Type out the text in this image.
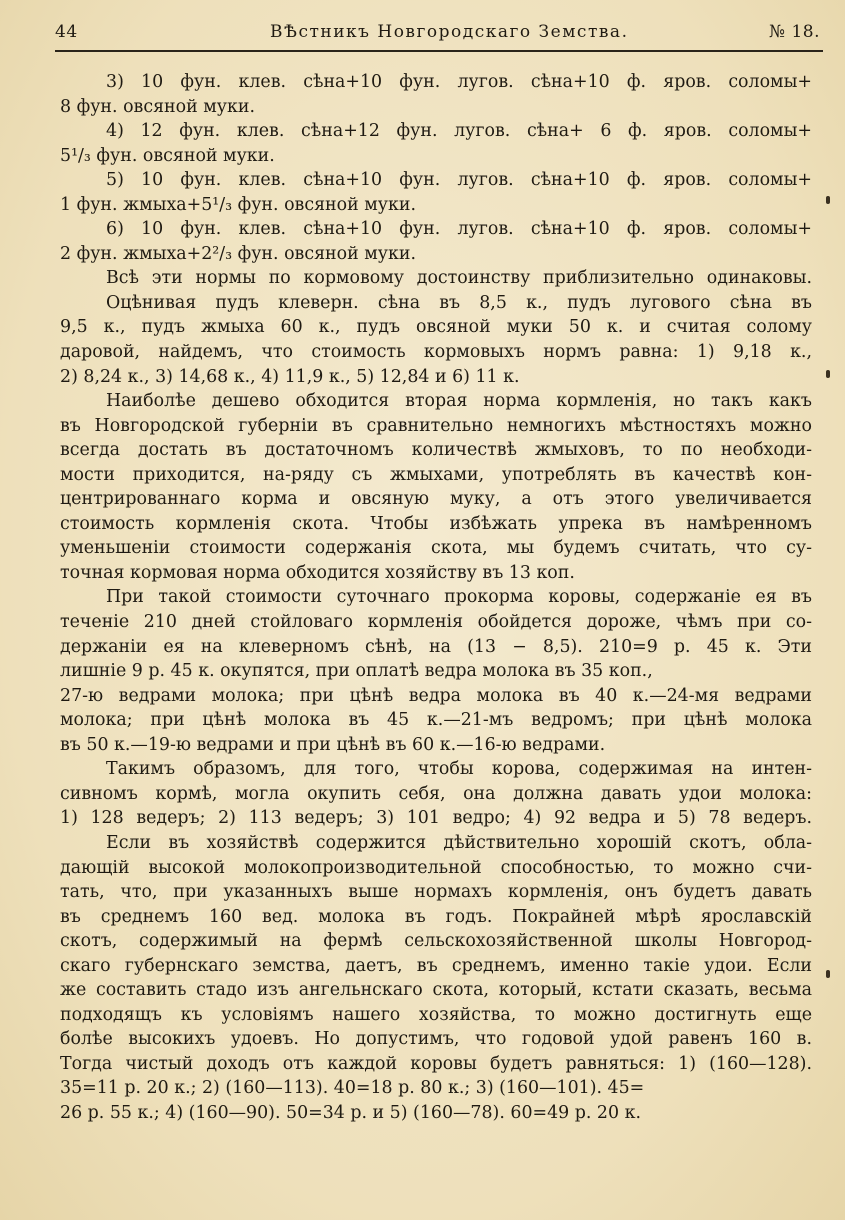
44	ВѢстникъ Новгородскаго Земства.	№ 18.
3) 10 фун. клев. сѣна+10 фун. лугов. сѣна+10 ф. яров. соломы+
8 фун. овсяной муки.
4) 12 фун. клев. сѣна+12 фун. лугов. сѣна+ 6 ф. яров. соломы+
5¹/₃ фун. овсяной муки.
5) 10 фун. клев. сѣна+10 фун. лугов. сѣна+10 ф. яров. соломы+
1 фун. жмыха+5¹/₃ фун. овсяной муки.
6) 10 фун. клев. сѣна+10 фун. лугов. сѣна+10 ф. яров. соломы+
2 фун. жмыха+2²/₃ фун. овсяной муки.
Всѣ эти нормы по кормовому достоинству приблизительно одинаковы.
Оцѣнивая пудъ клеверн. сѣна въ 8,5 к., пудъ лугового сѣна въ
9,5 к., пудъ жмыха 60 к., пудъ овсяной муки 50 к. и считая солому
даровой, найдемъ, что стоимость кормовыхъ нормъ равна: 1) 9,18 к.,
2) 8,24 к., 3) 14,68 к., 4) 11,9 к., 5) 12,84 и 6) 11 к.
Наиболѣе дешево обходится вторая норма кормленія, но такъ какъ
въ Новгородской губерніи въ сравнительно немногихъ мѣстностяхъ можно
всегда достать въ достаточномъ количествѣ жмыховъ, то по необходи-
мости приходится, на-ряду съ жмыхами, употреблять въ качествѣ кон-
центрированнаго корма и овсяную муку, а отъ этого увеличивается
стоимость кормленія скота. Чтобы избѣжать упрека въ намѣренномъ
уменьшеніи стоимости содержанія скота, мы будемъ считать, что су-
точная кормовая норма обходится хозяйству въ 13 коп.
При такой стоимости суточнаго прокорма коровы, содержаніе ея въ
теченіе 210 дней стойловаго кормленія обойдется дороже, чѣмъ при со-
держаніи ея на клеверномъ сѣнѣ, на (13 − 8,5). 210=9 р. 45 к. Эти
лишніе 9 р. 45 к. окупятся, при оплатѣ ведра молока въ 35 коп.,
27-ю ведрами молока; при цѣнѣ ведра молока въ 40 к.—24-мя ведрами
молока; при цѣнѣ молока въ 45 к.—21-мъ ведромъ; при цѣнѣ молока
въ 50 к.—19-ю ведрами и при цѣнѣ въ 60 к.—16-ю ведрами.
Такимъ образомъ, для того, чтобы корова, содержимая на интен-
сивномъ кормѣ, могла окупить себя, она должна давать удои молока:
1) 128 ведеръ; 2) 113 ведеръ; 3) 101 ведро; 4) 92 ведра и 5) 78 ведеръ.
Если въ хозяйствѣ содержится дѣйствительно хорошій скотъ, обла-
дающій высокой молокопроизводительной способностью, то можно счи-
тать, что, при указанныхъ выше нормахъ кормленія, онъ будетъ давать
въ среднемъ 160 вед. молока въ годъ. Покрайней мѣрѣ ярославскій
скотъ, содержимый на фермѣ сельскохозяйственной школы Новгород-
скаго губернскаго земства, даетъ, въ среднемъ, именно такіе удои. Если
же составить стадо изъ ангельнскаго скота, который, кстати сказать, весьма
подходящъ къ условіямъ нашего хозяйства, то можно достигнуть еще
болѣе высокихъ удоевъ. Но допустимъ, что годовой удой равенъ 160 в.
Тогда чистый доходъ отъ каждой коровы будетъ равняться: 1) (160—128).
35=11 р. 20 к.; 2) (160—113). 40=18 р. 80 к.; 3) (160—101). 45=
26 р. 55 к.; 4) (160—90). 50=34 р. и 5) (160—78). 60=49 р. 20 к.
